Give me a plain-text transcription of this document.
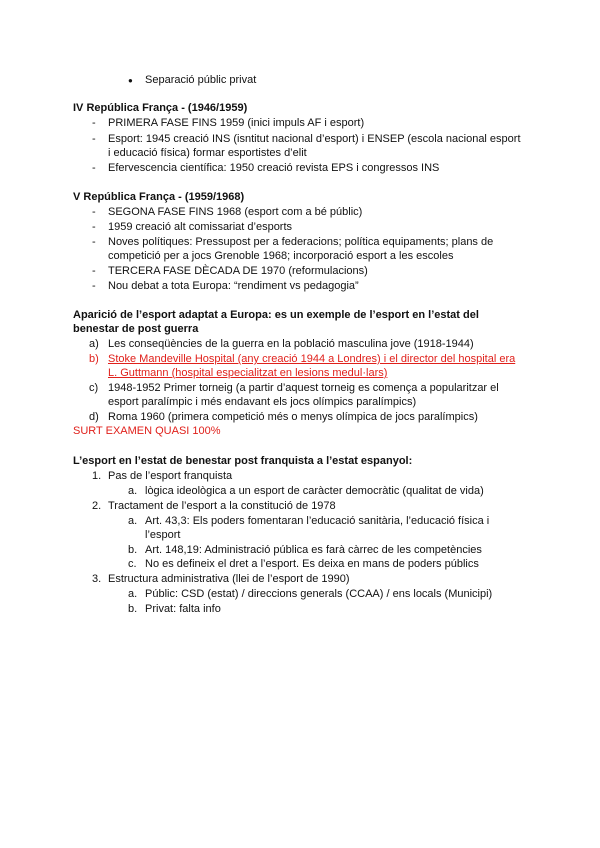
● Separació públic privat
IV República França - (1946/1959)
- PRIMERA FASE FINS 1959 (inici impuls AF i esport)
- Esport: 1945 creació INS (isntitut nacional d’esport) i ENSEP (escola nacional esport
i educació física) formar esportistes d’elit
- Efervescencia científica: 1950 creació revista EPS i congressos INS
V República França - (1959/1968)
- SEGONA FASE FINS 1968 (esport com a bé públic)
- 1959 creació alt comissariat d’esports
- Noves polítiques: Pressupost per a federacions; política equipaments; plans de
competició per a jocs Grenoble 1968; incorporació esport a les escoles
- TERCERA FASE DÈCADA DE 1970 (reformulacions)
- Nou debat a tota Europa: “rendiment vs pedagogia”
Aparició de l’esport adaptat a Europa: es un exemple de l’esport en l’estat del
benestar de post guerra
a) Les conseqüències de la guerra en la població masculina jove (1918-1944)
b) Stoke Mandeville Hospital (any creació 1944 a Londres) i el director del hospital era
L. Guttmann (hospital especialitzat en lesions medul·lars)
c) 1948-1952 Primer torneig (a partir d’aquest torneig es comença a popularitzar el
esport paralímpic i més endavant els jocs olímpics paralímpics)
d) Roma 1960 (primera competició més o menys olímpica de jocs paralímpics)
SURT EXAMEN QUASI 100%
L’esport en l’estat de benestar post franquista a l’estat espanyol:
1. Pas de l’esport franquista
a. lògica ideològica a un esport de caràcter democràtic (qualitat de vida)
2. Tractament de l’esport a la constitució de 1978
a. Art. 43,3: Els poders fomentaran l’educació sanitària, l’educació física i
l’esport
b. Art. 148,19: Administració pública es farà càrrec de les competències
c. No es defineix el dret a l’esport. Es deixa en mans de poders públics
3. Estructura administrativa (llei de l’esport de 1990)
a. Públic: CSD (estat) / direccions generals (CCAA) / ens locals (Municipi)
b. Privat: falta info
